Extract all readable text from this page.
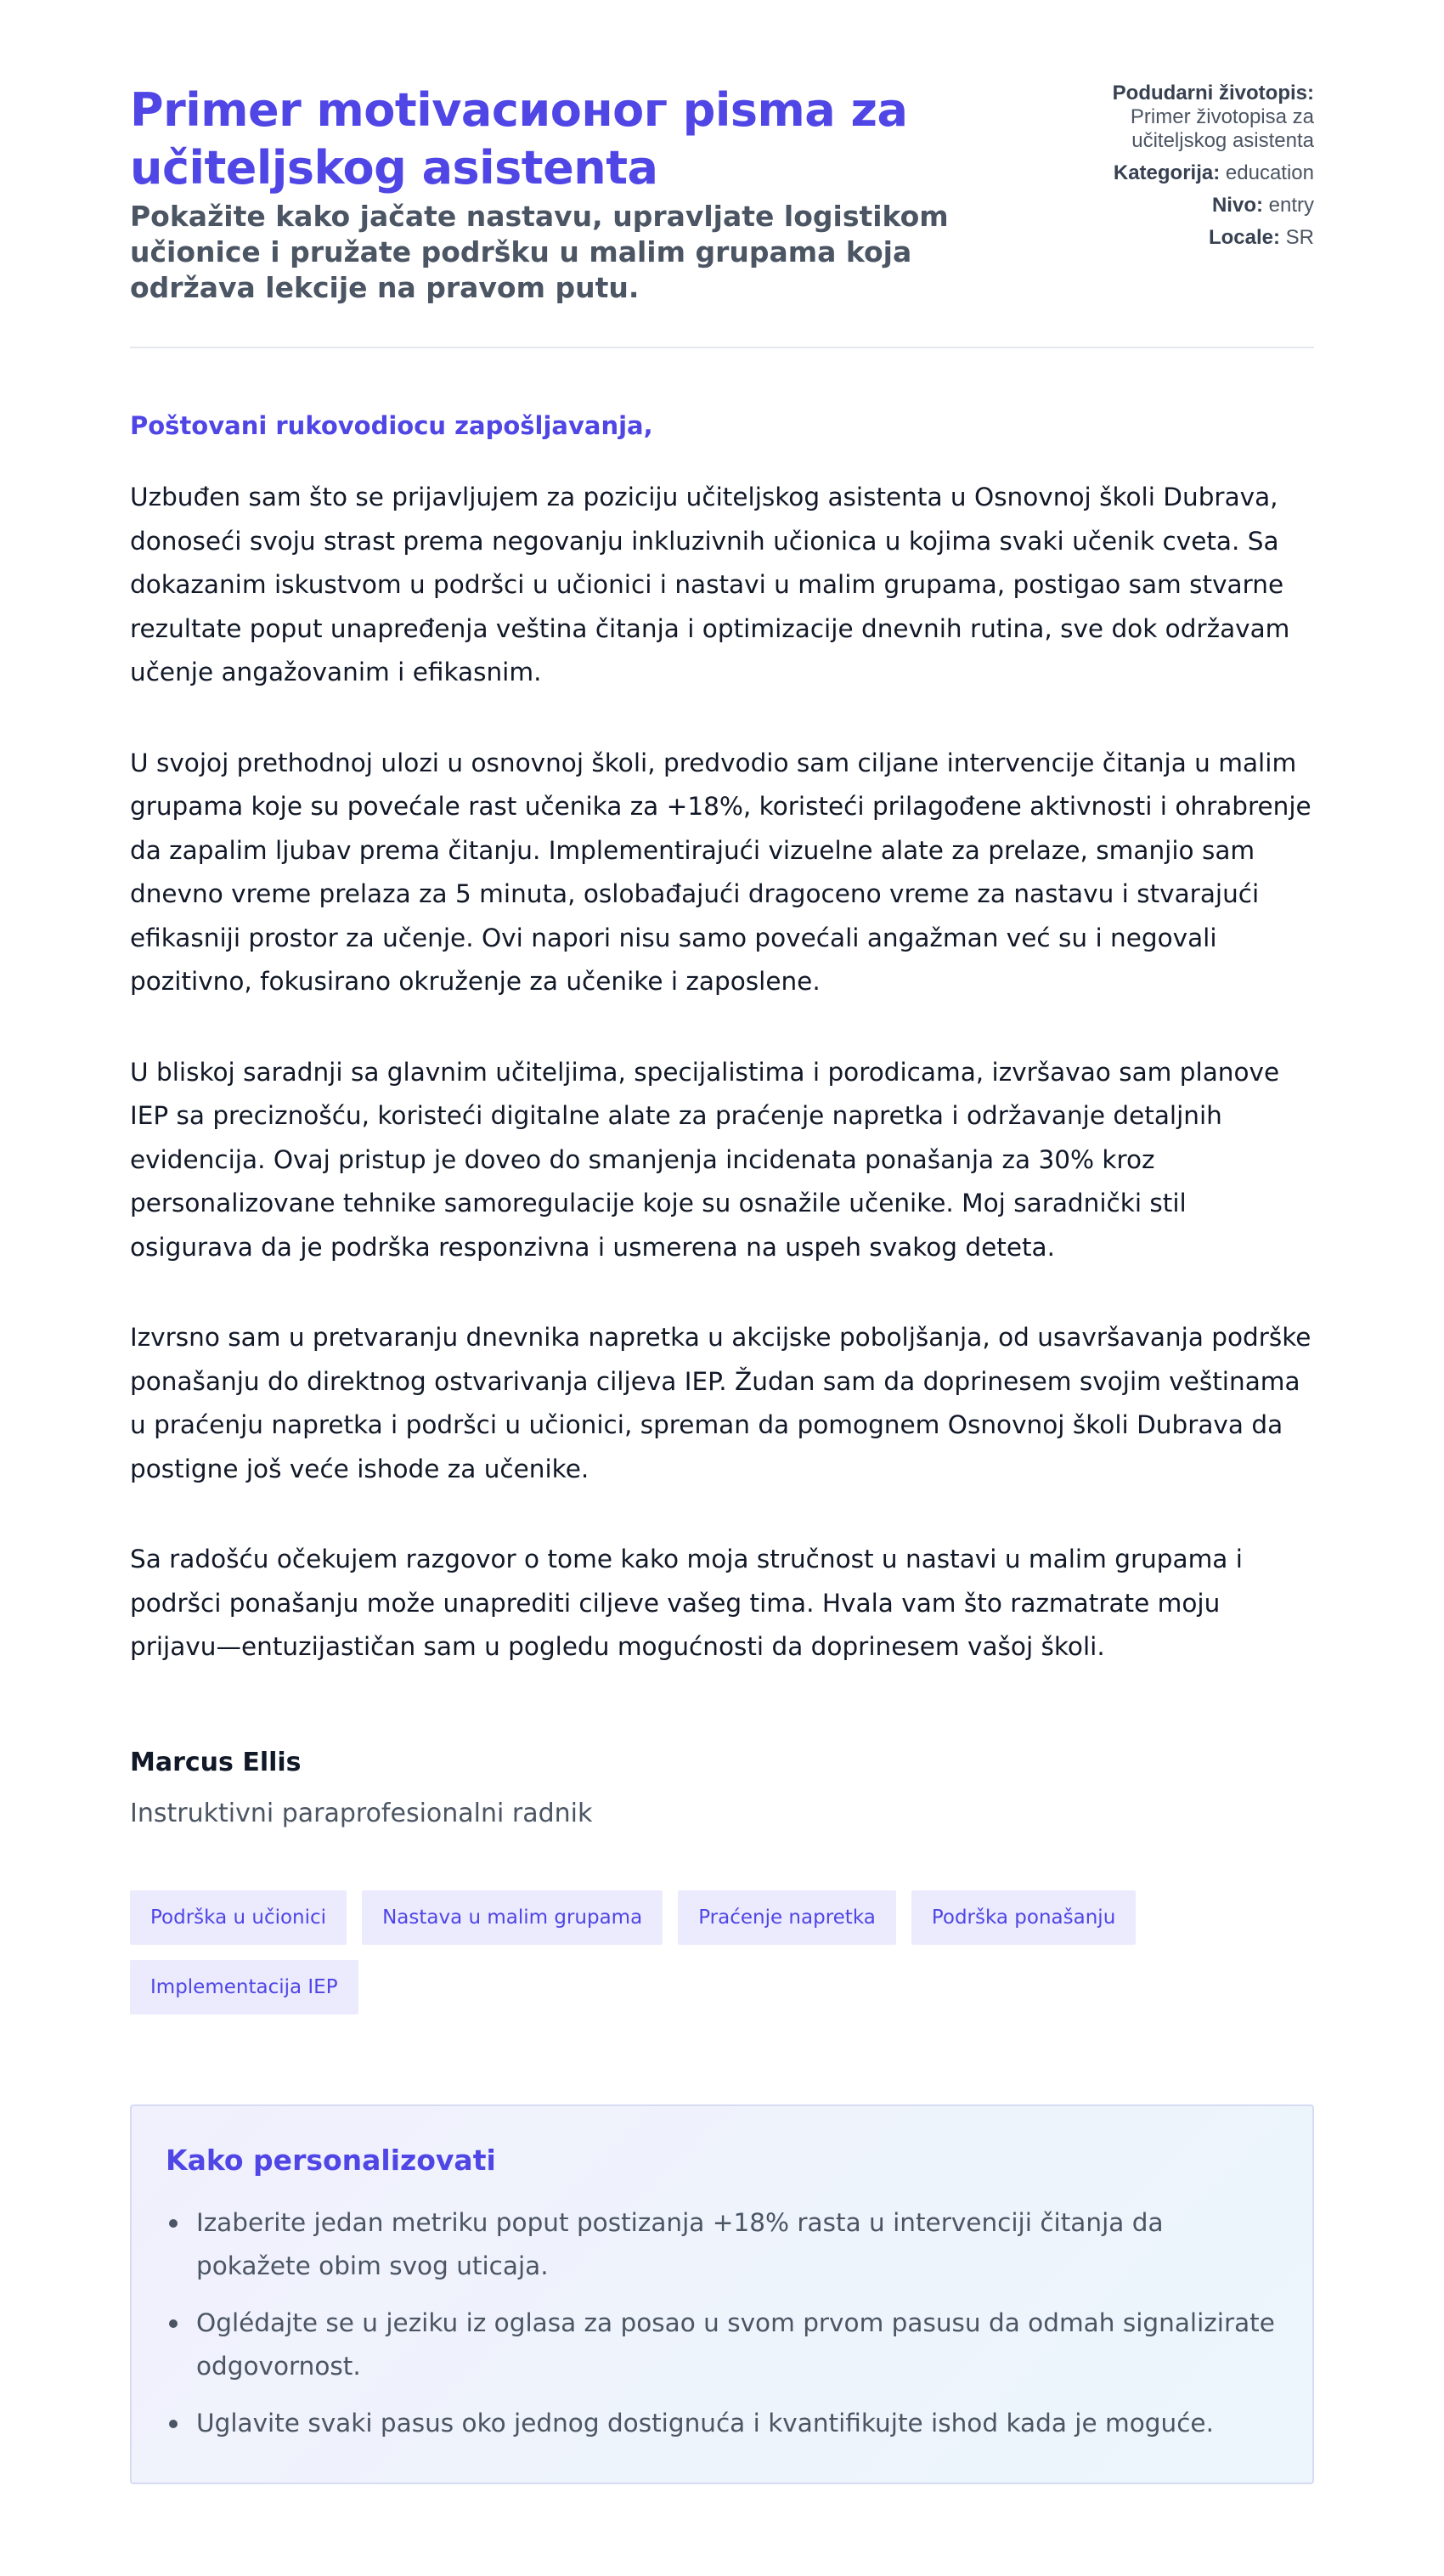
Primer motivacионог pisma za učiteljskog asistenta

Pokažite kako jačate nastavu, upravljate logistikom učionice i pružate podršku u malim grupama koja održava lekcije na pravom putu.

Podudarni životopis:
Primer životopisa za učiteljskog asistenta
Kategorija: education
Nivo: entry
Locale: SR

Poštovani rukovodiocu zapošljavanja,

Uzbuđen sam što se prijavljujem za poziciju učiteljskog asistenta u Osnovnoj školi Dubrava, donoseći svoju strast prema negovanju inkluzivnih učionica u kojima svaki učenik cveta. Sa dokazanim iskustvom u podršci u učionici i nastavi u malim grupama, postigao sam stvarne rezultate poput unapređenja veština čitanja i optimizacije dnevnih rutina, sve dok održavam učenje angažovanim i efikasnim.

U svojoj prethodnoj ulozi u osnovnoj školi, predvodio sam ciljane intervencije čitanja u malim grupama koje su povećale rast učenika za +18%, koristeći prilagođene aktivnosti i ohrabrenje da zapalim ljubav prema čitanju. Implementirajući vizuelne alate za prelaze, smanjio sam dnevno vreme prelaza za 5 minuta, oslobađajući dragoceno vreme za nastavu i stvarajući efikasniji prostor za učenje. Ovi napori nisu samo povećali angažman već su i negovali pozitivno, fokusirano okruženje za učenike i zaposlene.

U bliskoj saradnji sa glavnim učiteljima, specijalistima i porodicama, izvršavao sam planove IEP sa preciznošću, koristeći digitalne alate za praćenje napretka i održavanje detaljnih evidencija. Ovaj pristup je doveo do smanjenja incidenata ponašanja za 30% kroz personalizovane tehnike samoregulacije koje su osnažile učenike. Moj saradnički stil osigurava da je podrška responzivna i usmerena na uspeh svakog deteta.

Izvrsno sam u pretvaranju dnevnika napretka u akcijske poboljšanja, od usavršavanja podrške ponašanju do direktnog ostvarivanja ciljeva IEP. Žudan sam da doprinesem svojim veštinama u praćenju napretka i podršci u učionici, spreman da pomognem Osnovnoj školi Dubrava da postigne još veće ishode za učenike.

Sa radošću očekujem razgovor o tome kako moja stručnost u nastavi u malim grupama i podršci ponašanju može unaprediti ciljeve vašeg tima. Hvala vam što razmatrate moju prijavu—entuzijastičan sam u pogledu mogućnosti da doprinesem vašoj školi.

Marcus Ellis

Instruktivni paraprofesionalni radnik

Podrška u učionici	Nastava u malim grupama	Praćenje napretka	Podrška ponašanju
Implementacija IEP
Kako personalizovati
Izaberite jedan metriku poput postizanja +18% rasta u intervenciji čitanja da pokažete obim svog uticaja.
Oglédajte se u jeziku iz oglasa za posao u svom prvom pasusu da odmah signalizirate odgovornost.
Uglavite svaki pasus oko jednog dostignuća i kvantifikujte ishod kada je moguće.
